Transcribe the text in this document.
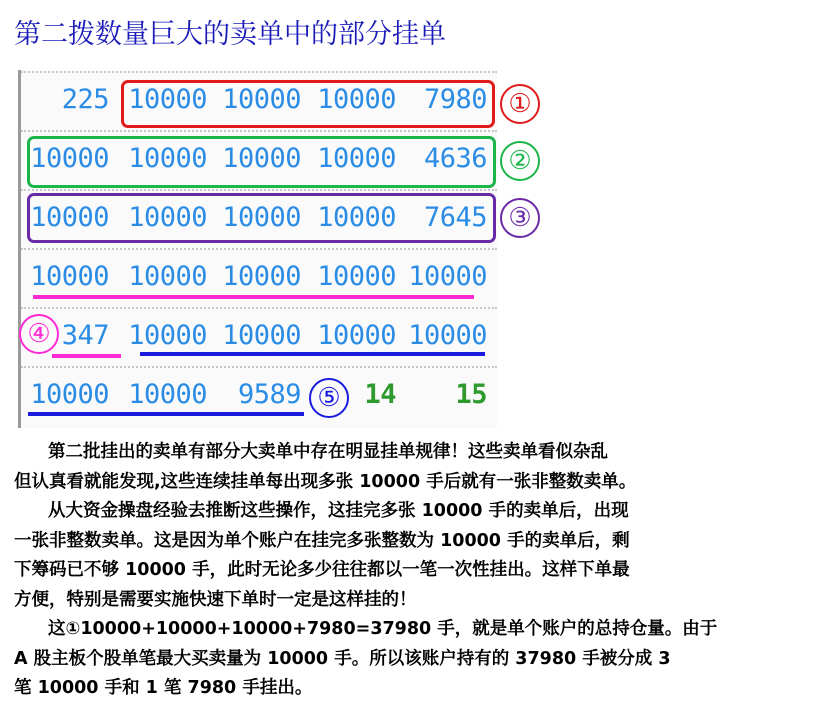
第二拨数量巨大的卖单中的部分挂单
225 10000 10000 10000	7980
10000 10000 10000 10000	4636
10000 10000 10000 10000	7645
10000 10000 10000 10000 10000
347 10000 10000 10000 10000
10000 10000	9589	14	15
①
②
③
④
⑤

第二批挂出的卖单有部分大卖单中存在明显挂单规律！这些卖单看似杂乱

但认真看就能发现,这些连续挂单每出现多张 10000 手后就有一张非整数卖单。

从大资金操盘经验去推断这些操作，这挂完多张 10000 手的卖单后，出现

一张非整数卖单。这是因为单个账户在挂完多张整数为 10000 手的卖单后，剩

下筹码已不够 10000 手，此时无论多少往往都以一笔一次性挂出。这样下单最

方便，特别是需要实施快速下单时一定是这样挂的！

这①10000+10000+10000+7980=37980 手，就是单个账户的总持仓量。由于

A 股主板个股单笔最大买卖量为 10000 手。所以该账户持有的 37980 手被分成 3

笔 10000 手和 1 笔 7980 手挂出。
